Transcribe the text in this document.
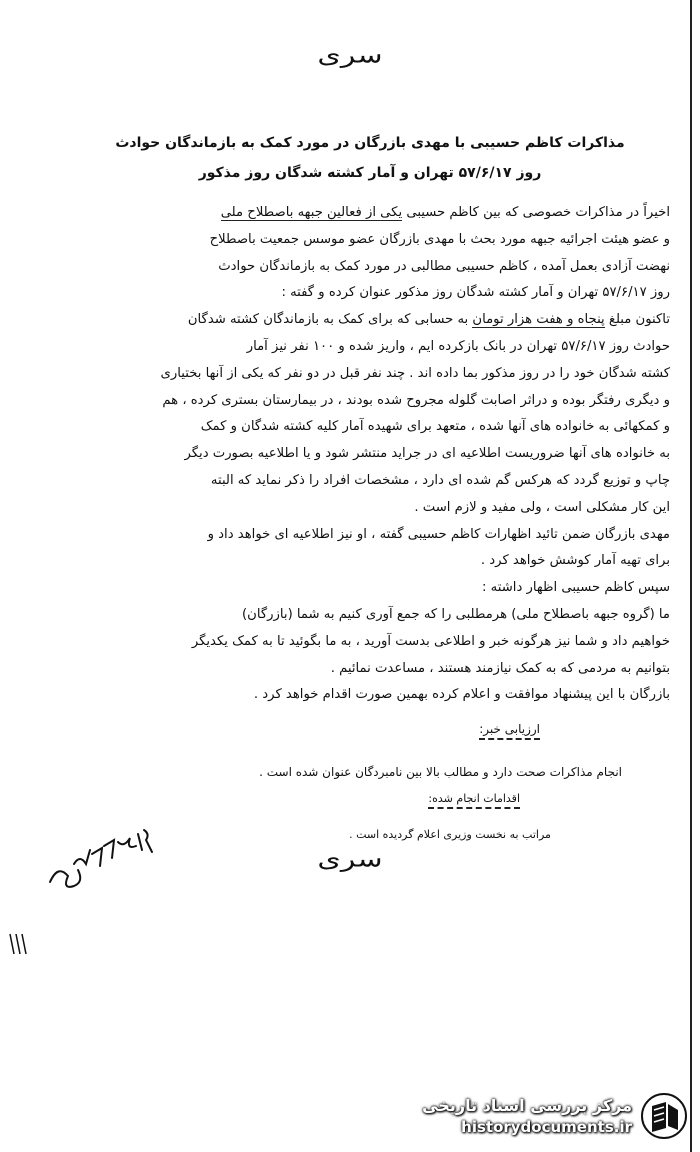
سری
مذاکرات کاظم حسیبی با مهدی بازرگان در مورد کمک به بازماندگان حوادث
روز ۵۷/۶/۱۷ تهران و آمار کشته شدگان روز مذکور

اخیراً در مذاکرات خصوصی که بین کاظم حسیبی یکی از فعالین جبهه باصطلاح ملی
و عضو هیئت اجرائیه جبهه مورد بحث با مهدی بازرگان عضو موسس جمعیت باصطلاح
نهضت آزادی بعمل آمده ، کاظم حسیبی مطالبی در مورد کمک به بازماندگان حوادث
روز ۵۷/۶/۱۷ تهران و آمار کشته شدگان روز مذکور عنوان کرده و گفته :

تاکنون مبلغ پنجاه و هفت هزار تومان به حسابی که برای کمک به بازماندگان کشته شدگان
حوادث روز ۵۷/۶/۱۷ تهران در بانک بازکرده ایم ، واریز شده و ۱۰۰ نفر نیز آمار
کشته شدگان خود را در روز مذکور بما داده اند . چند نفر قبل در دو نفر که یکی از آنها بختیاری
و دیگری رفتگر بوده و دراثر اصابت گلوله مجروح شده بودند ، در بیمارستان بستری کرده ، هم
و کمکهائی به خانواده های آنها شده ، متعهد برای شهیده آمار کلیه کشته شدگان و کمک
به خانواده های آنها ضروریست اطلاعیه ای در جراید منتشر شود و یا اطلاعیه بصورت دیگر
چاپ و توزیع گردد که هرکس گم شده ای دارد ، مشخصات افراد را ذکر نماید که البته
این کار مشکلی است ، ولی مفید و لازم است .

مهدی بازرگان ضمن تائید اظهارات کاظم حسیبی گفته ، او نیز اطلاعیه ای خواهد داد و
برای تهیه آمار کوشش خواهد کرد .

سپس کاظم حسیبی اظهار داشته :

ما (گروه جبهه باصطلاح ملی) هرمطلبی را که جمع آوری کنیم به شما (بازرگان)
خواهیم داد و شما نیز هرگونه خبر و اطلاعی بدست آورید ، به ما بگوئید تا به کمک یکدیگر
بتوانیم به مردمی که به کمک نیازمند هستند ، مساعدت نمائیم .

بازرگان با این پیشنهاد موافقت و اعلام کرده بهمین صورت اقدام خواهد کرد .

ارزیابی خبر:
انجام مذاکرات صحت دارد و مطالب بالا بین نامبردگان عنوان شده است .
اقدامات انجام شده:
مراتب به نخست وزیری اعلام گردیده است .
سری
مرکز بررسی اسناد تاریخی
historydocuments.ir
